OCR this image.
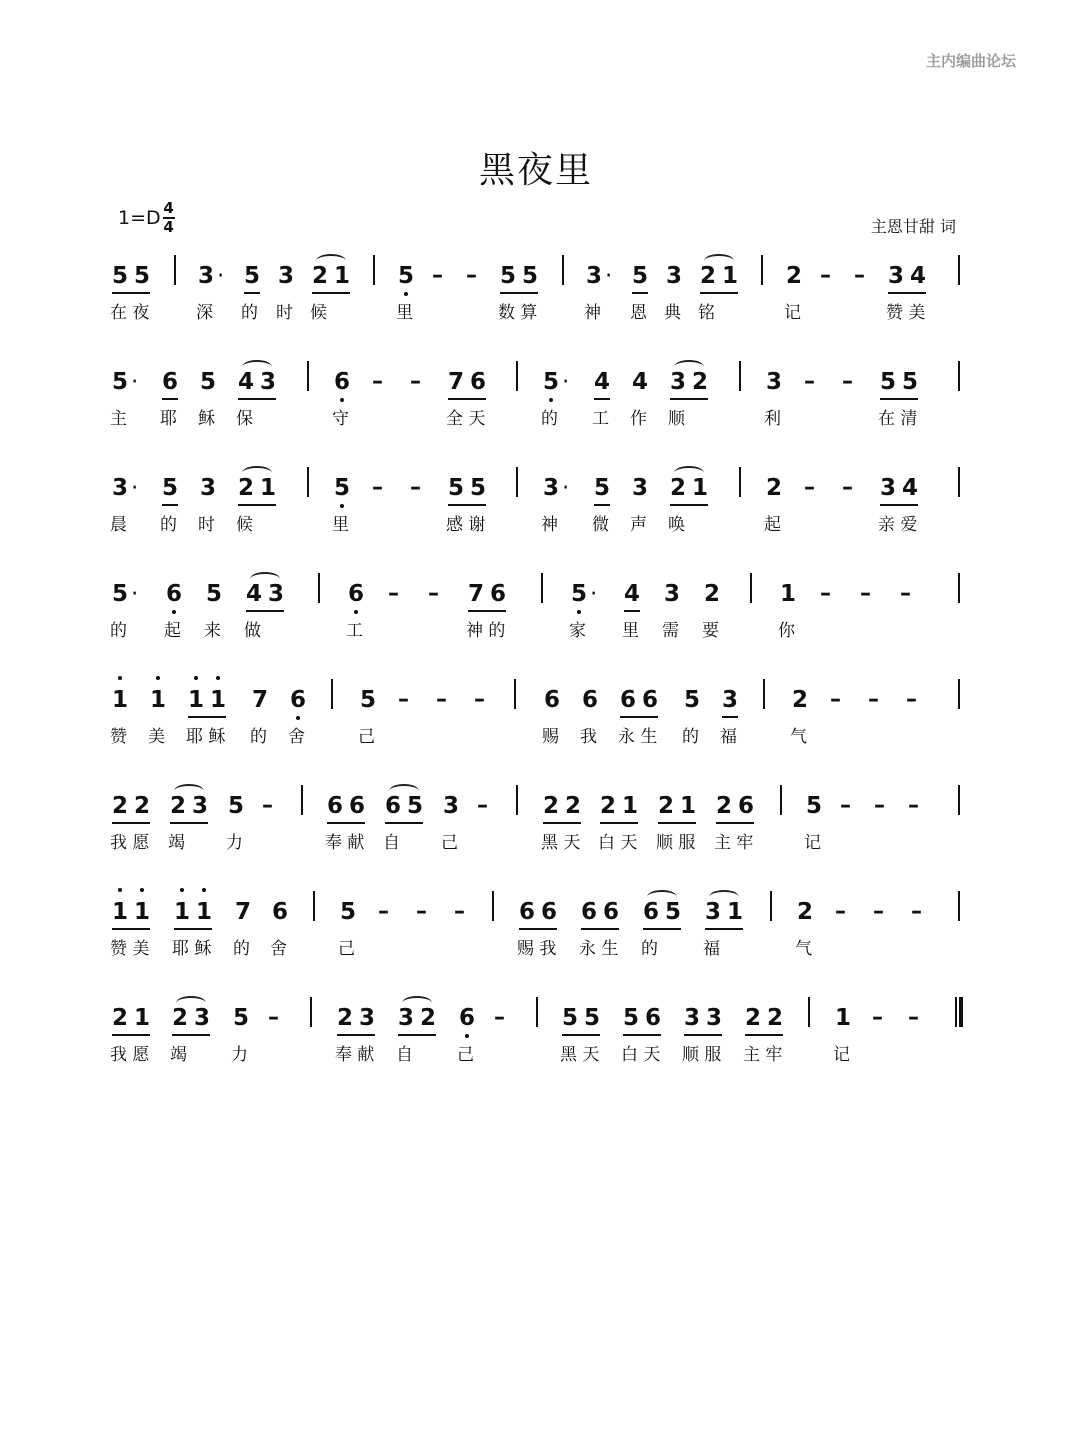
主内编曲论坛
黑夜里
$1=D \frac{4}{4}$	主恩甘甜 词
5 5 3 · 5 3 2 1 5 – – 5 5 3 · 5 3 2 1 2 – – 3 4
在 夜	深 的 时 候	里	数 算	神 恩 典 铭	记	赞 美
5 · 6 5 4 3	6 – – 7 6 5 · 4 4 3 2	3 – – 5 5
主 耶 稣 保	守	全 天	的 工 作 顺	利	在 清
3 · 5 3 2 1	5 – – 5 5 3 · 5 3 2 1	2 – – 3 4
晨 的 时 候	里	感 谢	神 微 声 唤	起	亲 爱
5 · 6 5 4 3	6 – – 7 6	5 · 4 3 2	1 – – –
的 起 来 做	工	神 的	家 里 需 要	你
1 1 1 1 7 6 5 – – –	6 6 6 6 5 3 2 – – –
赞 美 耶 稣 的 舍	己	赐 我 永 生 的 福	气
2 2 2 3 5 – 6 6 6 5 3 – 2 2 2 1 2 1 2 6 5 – – –
我 愿 竭 力	奉 献 自 己	黑 天 白 天 顺 服 主 牢	记
1 1 1 1 7 6 5 – – – 6 6 6 6 6 5 3 1 2 – – –
赞 美 耶 稣 的 舍	己	赐 我 永 生 的	福	气
2 1 2 3 5 –	2 3 3 2 6 – 5 5 5 6 3 3 2 2 1 – –
我 愿 竭	力	奉 献 自	己	黑 天 白 天 顺 服 主 牢	记
